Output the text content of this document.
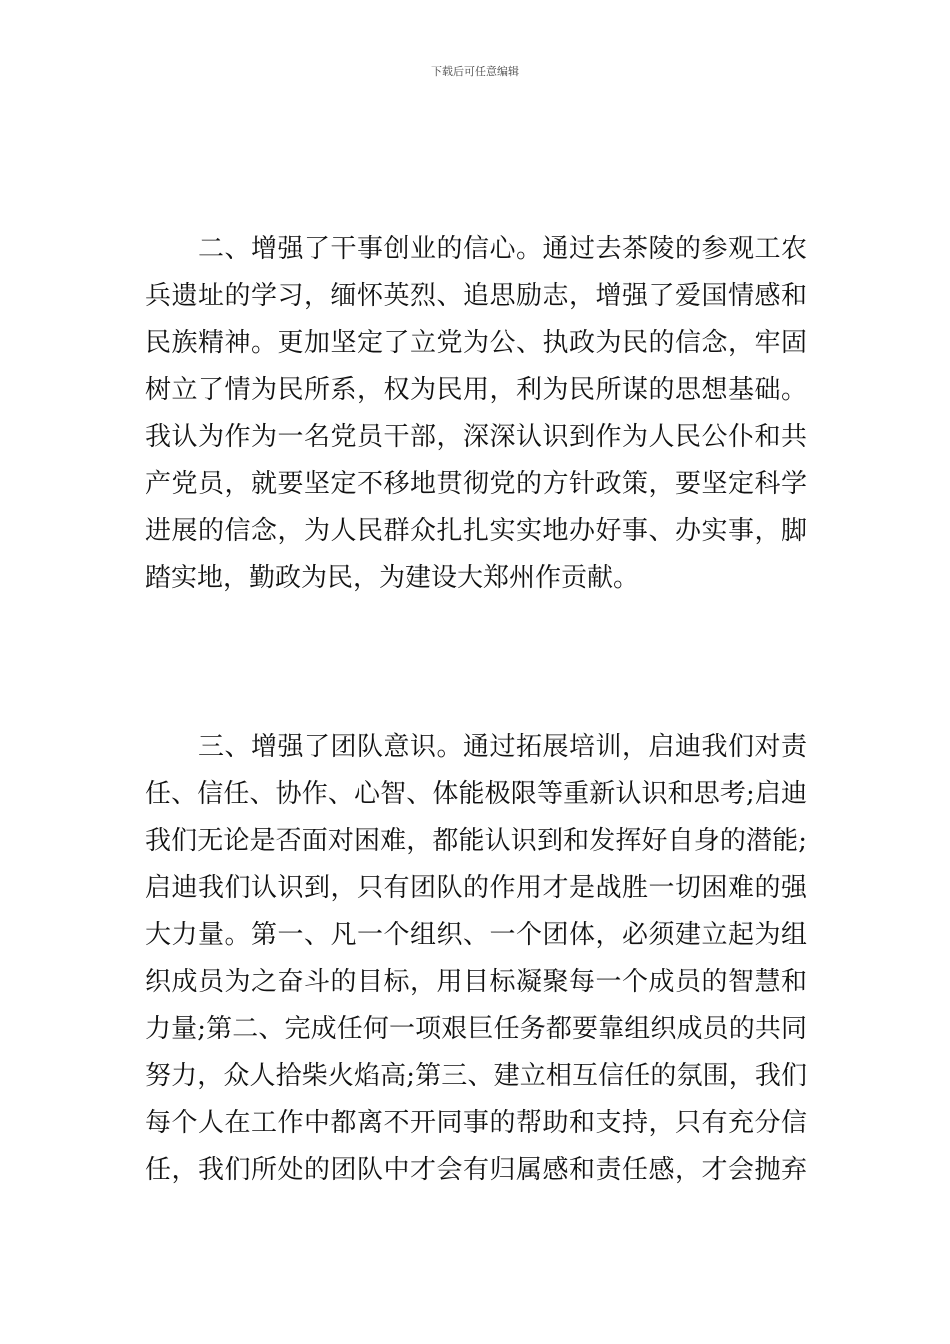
下载后可任意编辑
　　二、增强了干事创业的信心。通过去茶陵的参观工农
兵遗址的学习，缅怀英烈、追思励志，增强了爱国情感和
民族精神。更加坚定了立党为公、执政为民的信念，牢固
树立了情为民所系，权为民用，利为民所谋的思想基础。
我认为作为一名党员干部，深深认识到作为人民公仆和共
产党员，就要坚定不移地贯彻党的方针政策，要坚定科学
进展的信念，为人民群众扎扎实实地办好事、办实事，脚
踏实地，勤政为民，为建设大郑州作贡献。
　　三、增强了团队意识。通过拓展培训，启迪我们对责
任、信任、协作、心智、体能极限等重新认识和思考;启迪
我们无论是否面对困难，都能认识到和发挥好自身的潜能;
启迪我们认识到，只有团队的作用才是战胜一切困难的强
大力量。第一、凡一个组织、一个团体，必须建立起为组
织成员为之奋斗的目标，用目标凝聚每一个成员的智慧和
力量;第二、完成任何一项艰巨任务都要靠组织成员的共同
努力，众人拾柴火焰高;第三、建立相互信任的氛围，我们
每个人在工作中都离不开同事的帮助和支持，只有充分信
任，我们所处的团队中才会有归属感和责任感，才会抛弃
